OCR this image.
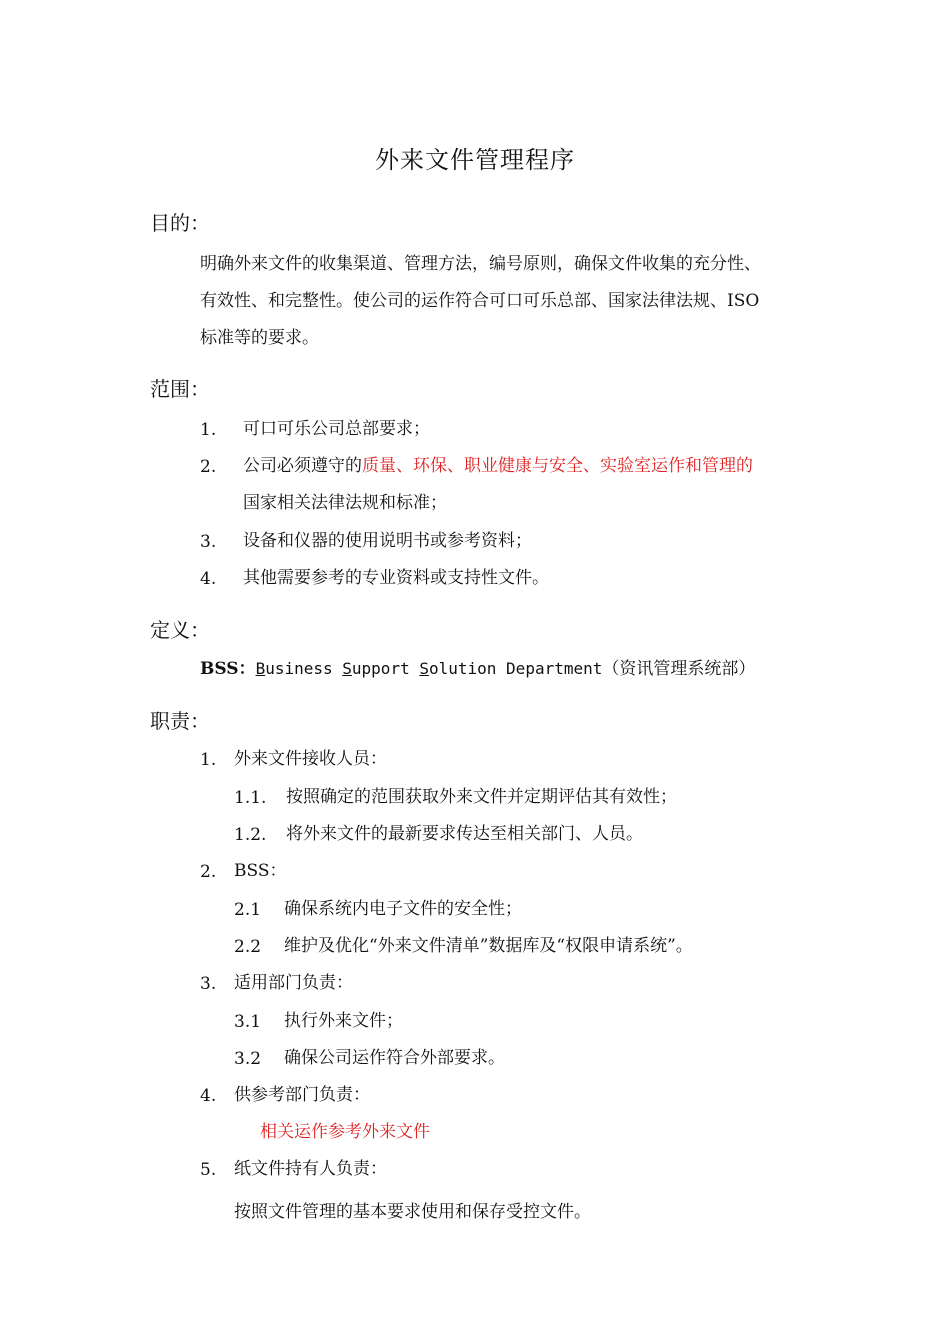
外来文件管理程序
目的：
明确外来文件的收集渠道、管理方法，编号原则，确保文件收集的充分性、
有效性、和完整性。使公司的运作符合可口可乐总部、国家法律法规、ISO
标准等的要求。
范围：
1. 可口可乐公司总部要求；
2. 公司必须遵守的质量、环保、职业健康与安全、实验室运作和管理的
国家相关法律法规和标准；
3. 设备和仪器的使用说明书或参考资料；
4. 其他需要参考的专业资料或支持性文件。
定义：
BSS：Business Support Solution Department（资讯管理系统部）
职责：
1. 外来文件接收人员：
1.1. 按照确定的范围获取外来文件并定期评估其有效性；
1.2. 将外来文件的最新要求传达至相关部门、人员。
2. BSS：
2.1 确保系统内电子文件的安全性；
2.2 维护及优化“外来文件清单”数据库及“权限申请系统”。
3. 适用部门负责：
3.1 执行外来文件；
3.2 确保公司运作符合外部要求。
4. 供参考部门负责：
相关运作参考外来文件
5. 纸文件持有人负责：
按照文件管理的基本要求使用和保存受控文件。
